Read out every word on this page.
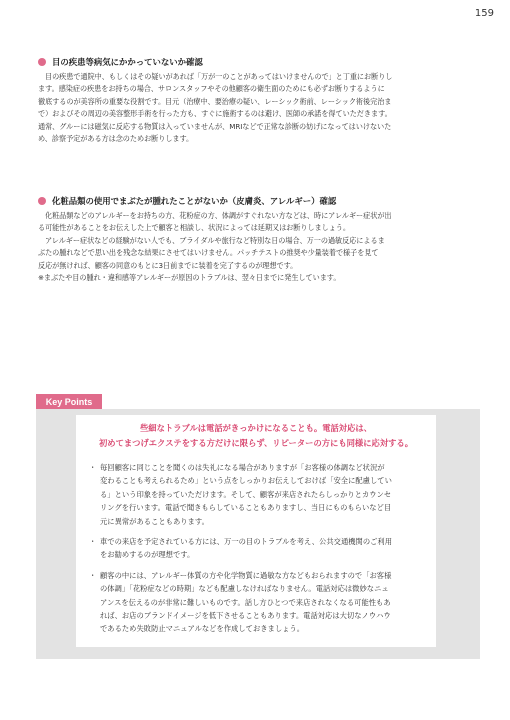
159
目の疾患等病気にかかっていないか確認

目の疾患で通院中、もしくはその疑いがあれば「万が一のことがあってはいけませんので」と丁重にお断りし

ます。感染症の疾患をお持ちの場合、サロンスタッフやその他顧客の衛生面のためにも必ずお断りするように

徹底するのが美容所の重要な役割です。目元（治療中、要治療の疑い、レーシック術前、レーシック術後完治ま

で）およびその周辺の美容整形手術を行った方も、すぐに施術するのは避け、医師の承諾を得ていただきます。

通常、グルーには磁気に反応する物質は入っていませんが、MRIなどで正常な診断の妨げになってはいけないた

め、診察予定がある方は念のためお断りします。

化粧品類の使用でまぶたが腫れたことがないか（皮膚炎、アレルギー）確認

化粧品類などのアレルギーをお持ちの方、花粉症の方、体調がすぐれない方などは、時にアレルギー症状が出

る可能性があることをお伝えした上で顧客と相談し、状況によっては延期又はお断りしましょう。

アレルギー症状などの経験がない人でも、ブライダルや旅行など特別な日の場合、万一の過敏反応によるま

ぶたの腫れなどで思い出を残念な結果にさせてはいけません。パッチテストの推奨や少量装着で様子を見て

反応が無ければ、顧客の同意のもとに3日前までに装着を完了するのが理想です。

※まぶたや目の腫れ・違和感等アレルギーが原因のトラブルは、翌々日までに発生しています。

Key Points
些細なトラブルは電話がきっかけになることも。電話対応は、
初めてまつげエクステをする方だけに限らず、リピーターの方にも同様に応対する。
・ 毎回顧客に同じことを聞くのは失礼になる場合がありますが「お客様の体調など状況が
変わることも考えられるため」という点をしっかりお伝えしておけば「安全に配慮してい
る」という印象を持っていただけます。そして、顧客が来店されたらしっかりとカウンセ
リングを行います。電話で聞きもらしていることもありますし、当日にものもらいなど目
元に異常があることもあります。
・ 車での来店を予定されている方には、万一の目のトラブルを考え、公共交通機関のご利用
をお勧めするのが理想です。
・ 顧客の中には、アレルギー体質の方や化学物質に過敏な方などもおられますので「お客様
の体調」「花粉症などの時期」なども配慮しなければなりません。電話対応は微妙なニュ
アンスを伝えるのが非常に難しいものです。話し方ひとつで来店されなくなる可能性もあ
れば、お店のブランドイメージを低下させることもあります。電話対応は大切なノウハウ
であるため失敗防止マニュアルなどを作成しておきましょう。
